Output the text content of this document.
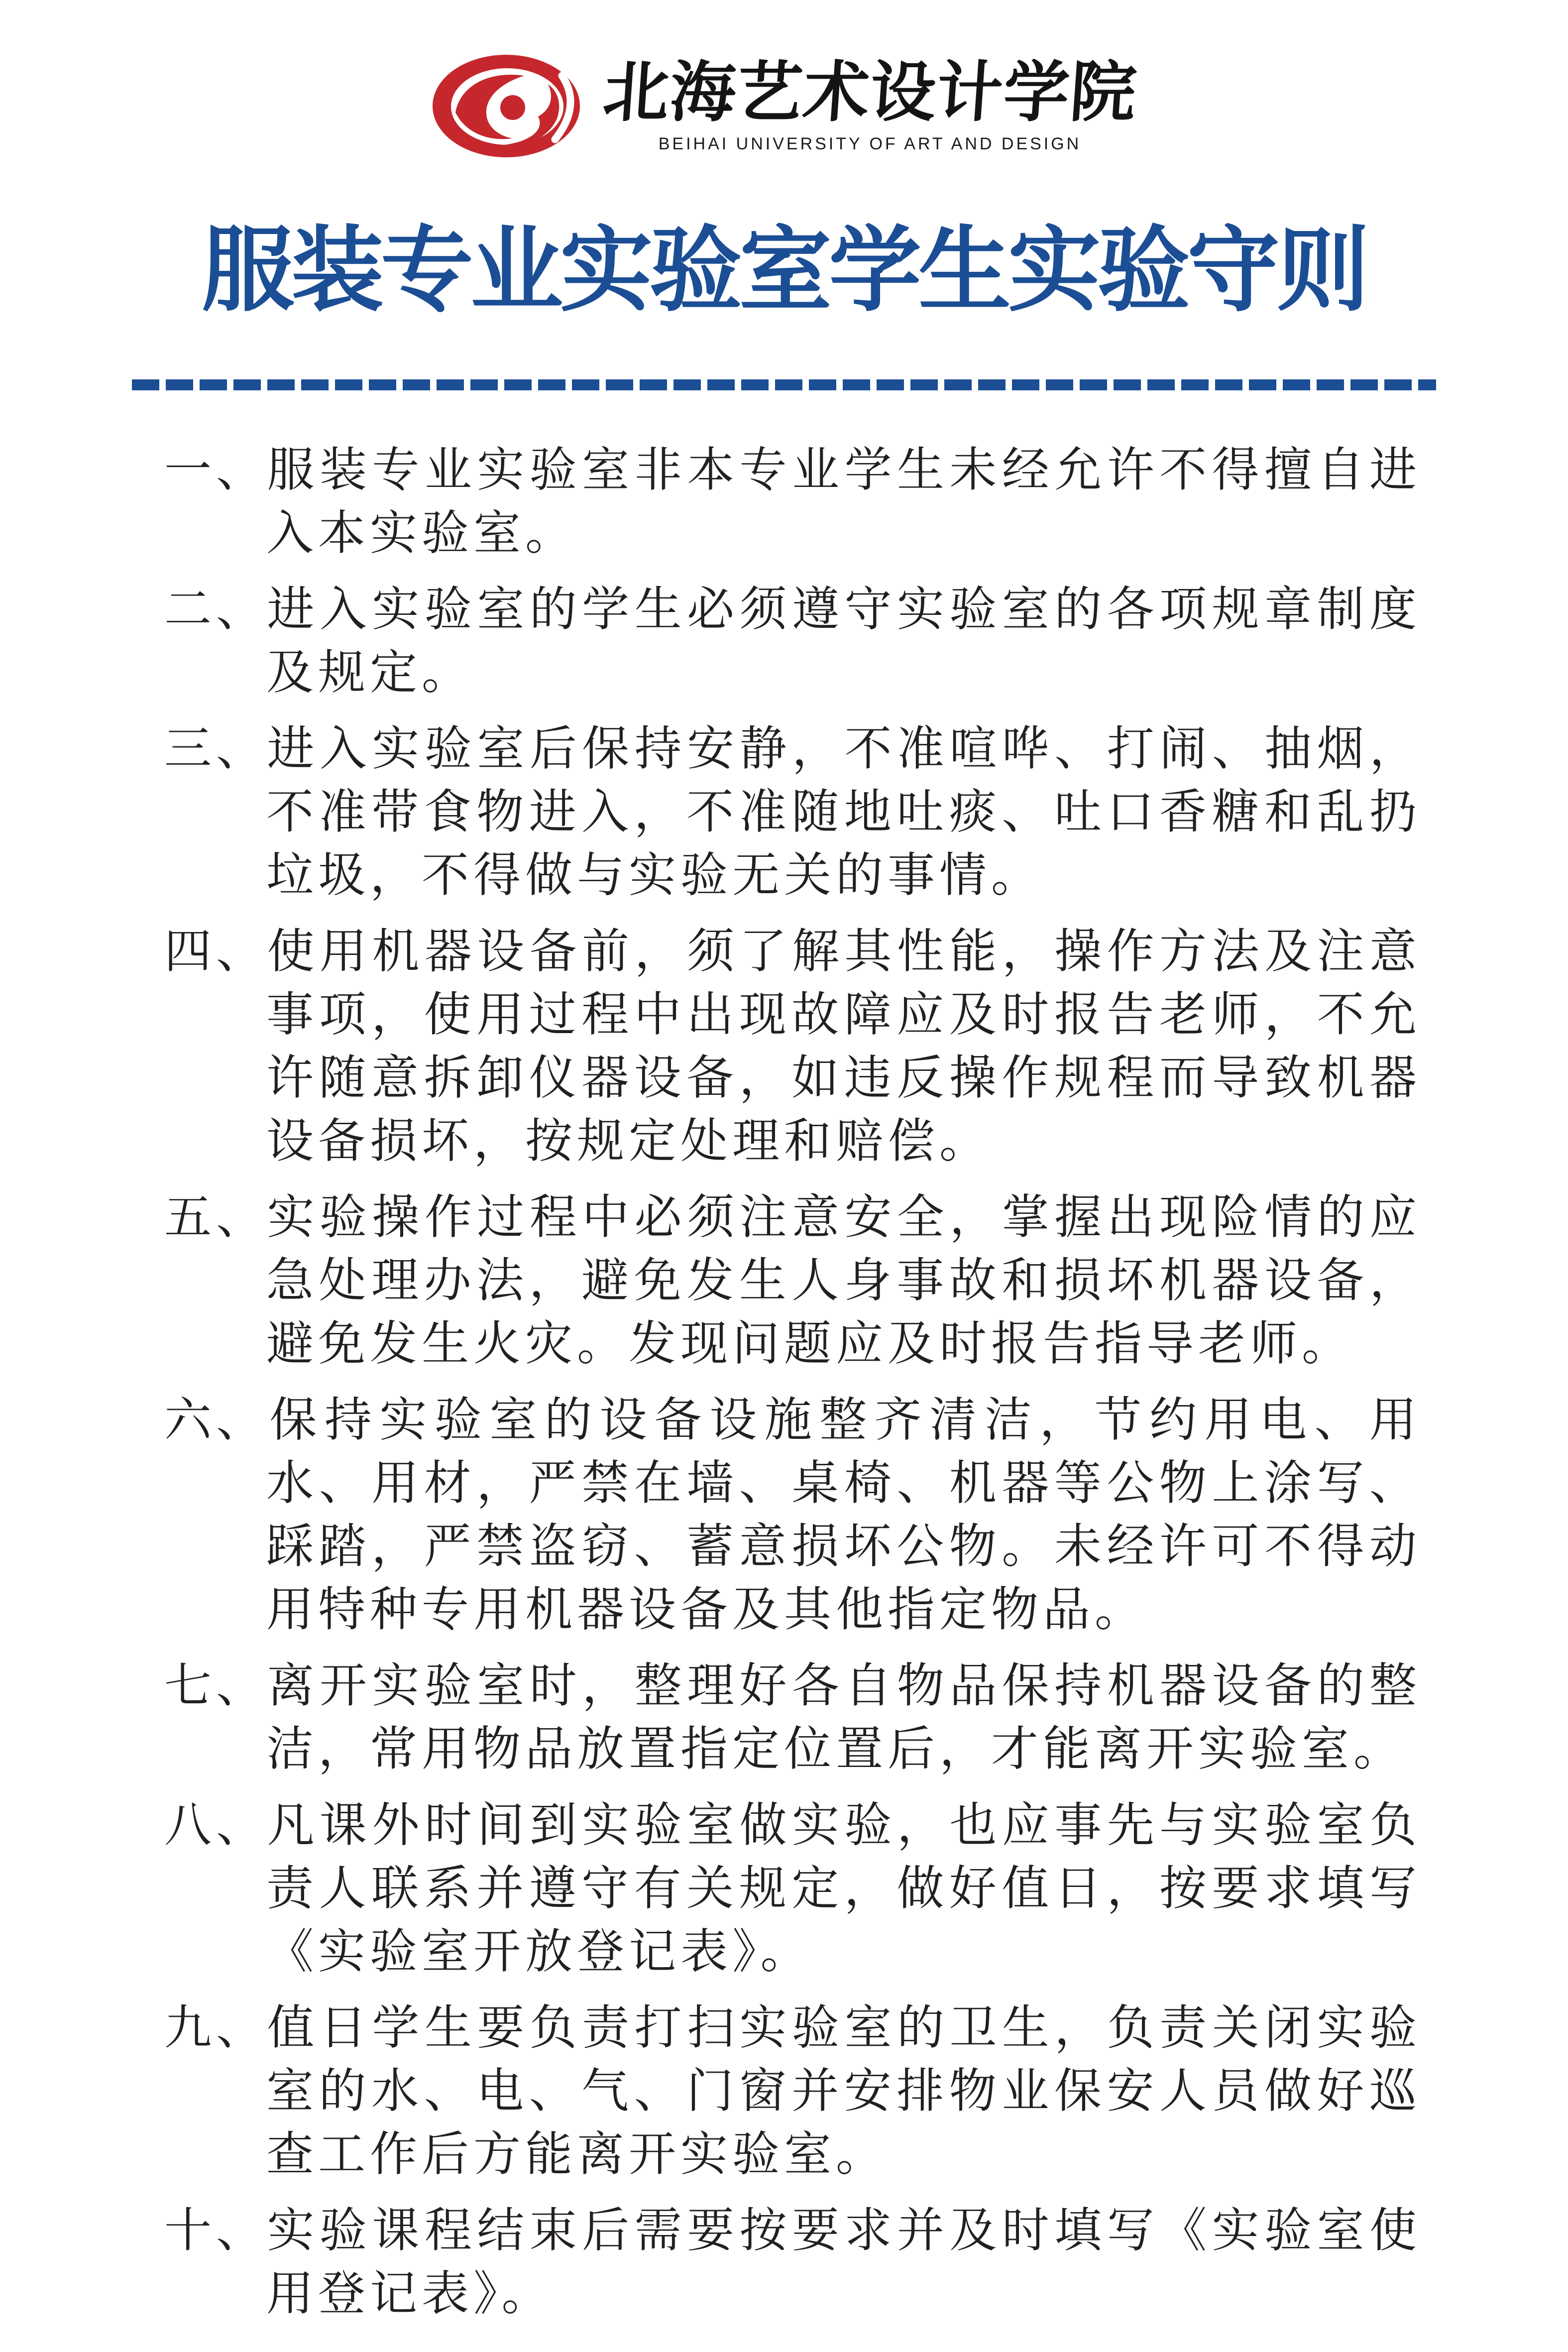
北海艺术设计学院
BEIHAI UNIVERSITY OF ART AND DESIGN
服装专业实验室学生实验守则
一、服装专业实验室非本专业学生未经允许不得擅自进入本实验室。
二、进入实验室的学生必须遵守实验室的各项规章制度及规定。
三、进入实验室后保持安静，不准喧哗、打闹、抽烟，不准带食物进入，不准随地吐痰、吐口香糖和乱扔垃圾，不得做与实验无关的事情。
四、使用机器设备前，须了解其性能，操作方法及注意事项，使用过程中出现故障应及时报告老师，不允许随意拆卸仪器设备，如违反操作规程而导致机器设备损坏，按规定处理和赔偿。
五、实验操作过程中必须注意安全，掌握出现险情的应急处理办法，避免发生人身事故和损坏机器设备，避免发生火灾。发现问题应及时报告指导老师。
六、保持实验室的设备设施整齐清洁，节约用电、用水、用材，严禁在墙、桌椅、机器等公物上涂写、踩踏，严禁盗窃、蓄意损坏公物。未经许可不得动用特种专用机器设备及其他指定物品。
七、离开实验室时，整理好各自物品保持机器设备的整洁，常用物品放置指定位置后，才能离开实验室。
八、凡课外时间到实验室做实验，也应事先与实验室负责人联系并遵守有关规定，做好值日，按要求填写《实验室开放登记表》。
九、值日学生要负责打扫实验室的卫生，负责关闭实验室的水、电、气、门窗并安排物业保安人员做好巡查工作后方能离开实验室。
十、实验课程结束后需要按要求并及时填写《实验室使用登记表》。
